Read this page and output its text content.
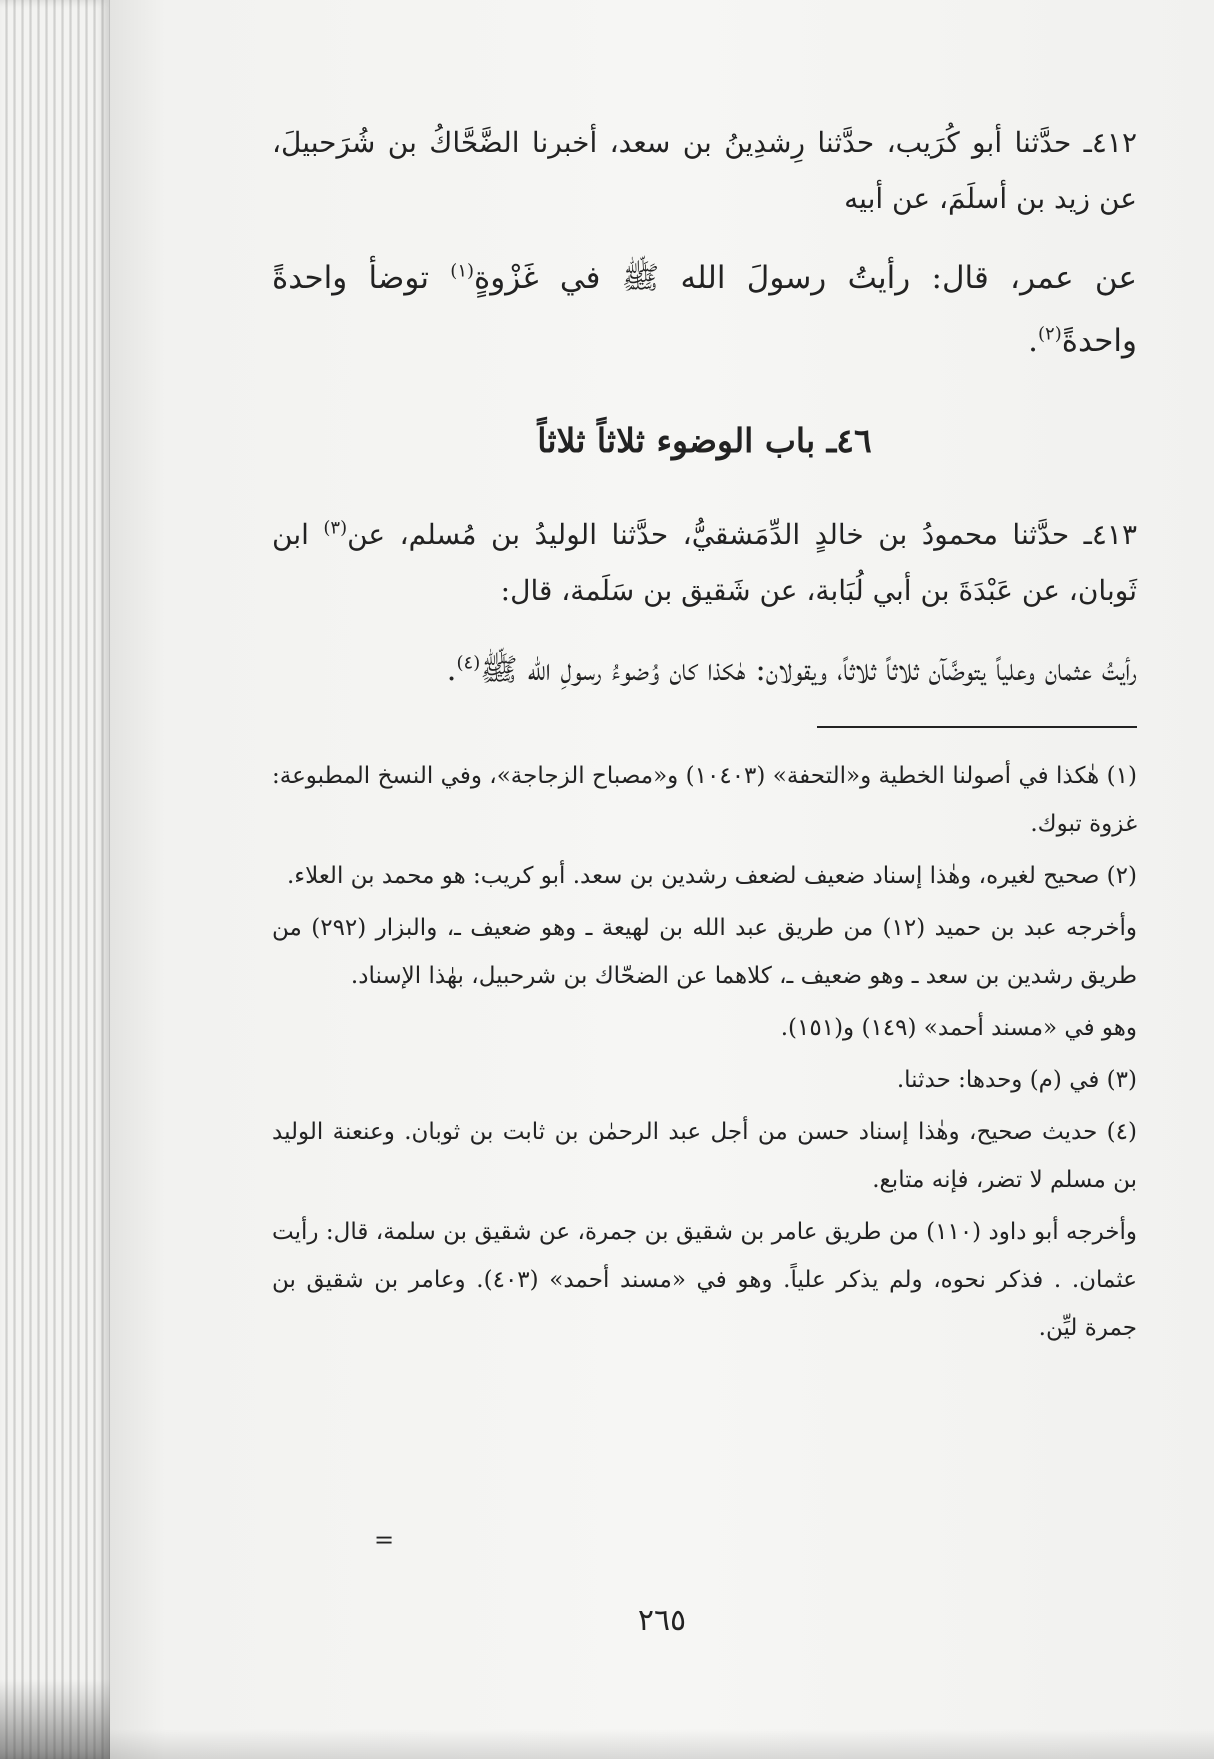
٤١٢ـ حدَّثنا أبو كُرَيب، حدَّثنا رِشدِينُ بن سعد، أخبرنا الضَّحَّاكُ بن شُرَحبيلَ، عن زيد بن أسلَمَ، عن أبيه

عن عمر، قال: رأيتُ رسولَ الله ﷺ في غَزْوةٍ$^{(١)}$ توضأ واحدةً واحدةً$^{(٢)}$.

٤٦ـ باب الوضوء ثلاثاً ثلاثاً

٤١٣ـ حدَّثنا محمودُ بن خالدٍ الدِّمَشقيُّ، حدَّثنا الوليدُ بن مُسلم، عن$^{(٣)}$ ابن ثَوبان، عن عَبْدَةَ بن أبي لُبَابة، عن شَقيق بن سَلَمة، قال:

رأيتُ عثمان وعلياً يتوضَّآن ثلاثاً ثلاثاً، ويقولان: هٰكذا كان وُضوءُ رسولِ الله ﷺ$^{(٤)}$.

(١) هٰكذا في أصولنا الخطية و«التحفة» (١٠٤٠٣) و«مصباح الزجاجة»، وفي النسخ المطبوعة: غزوة تبوك.

(٢) صحيح لغيره، وهٰذا إسناد ضعيف لضعف رشدين بن سعد. أبو كريب: هو محمد بن العلاء.

وأخرجه عبد بن حميد (١٢) من طريق عبد الله بن لهيعة ـ وهو ضعيف ـ، والبزار (٢٩٢) من طريق رشدين بن سعد ـ وهو ضعيف ـ، كلاهما عن الضحّاك بن شرحبيل، بهٰذا الإسناد.

وهو في «مسند أحمد» (١٤٩) و(١٥١).

(٣) في (م) وحدها: حدثنا.

(٤) حديث صحيح، وهٰذا إسناد حسن من أجل عبد الرحمٰن بن ثابت بن ثوبان. وعنعنة الوليد بن مسلم لا تضر، فإنه متابع.

وأخرجه أبو داود (١١٠) من طريق عامر بن شقيق بن جمرة، عن شقيق بن سلمة، قال: رأيت عثمان. . فذكر نحوه، ولم يذكر علياً. وهو في «مسند أحمد» (٤٠٣). وعامر بن شقيق بن جمرة ليِّن.

=
٢٦٥
